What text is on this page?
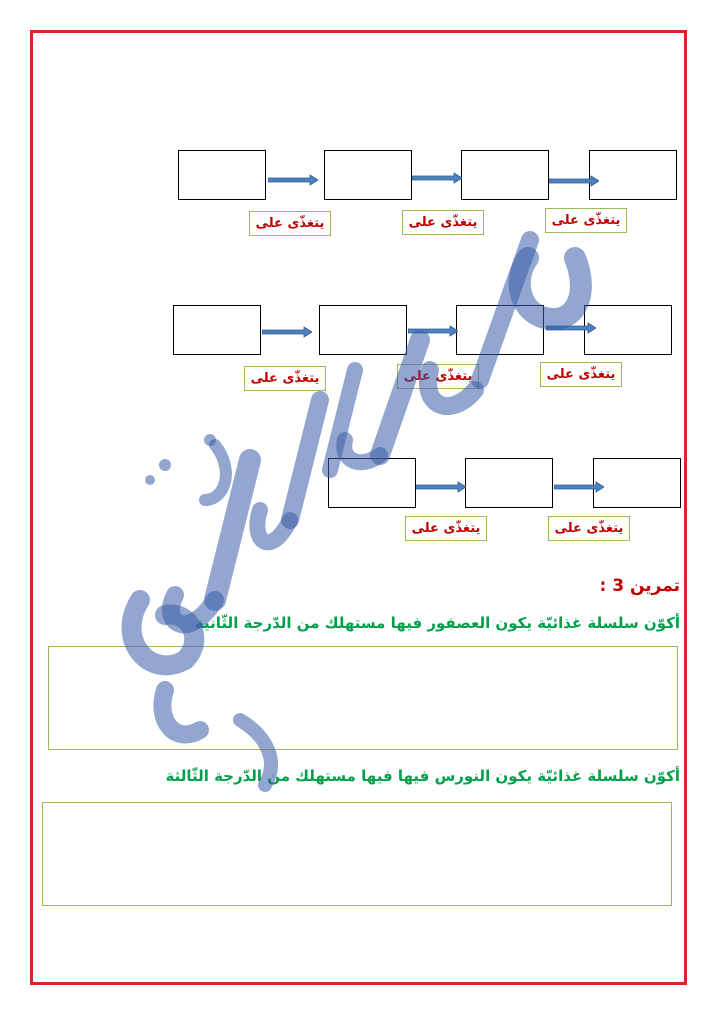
يتغذّى على	يتغذّى على	يتغذّى على
يتغذّى على	يتغذّى على	يتغذّى على
يتغذّى على	يتغذّى على
تمرين 3 :
أكوّن سلسلة غذائيّة يكون العصفور فيها مستهلك من الدّرجة الثّانية
أكوّن سلسلة غذائيّة يكون النورس فيها فيها مستهلك من الدّرجة الثّالثة
